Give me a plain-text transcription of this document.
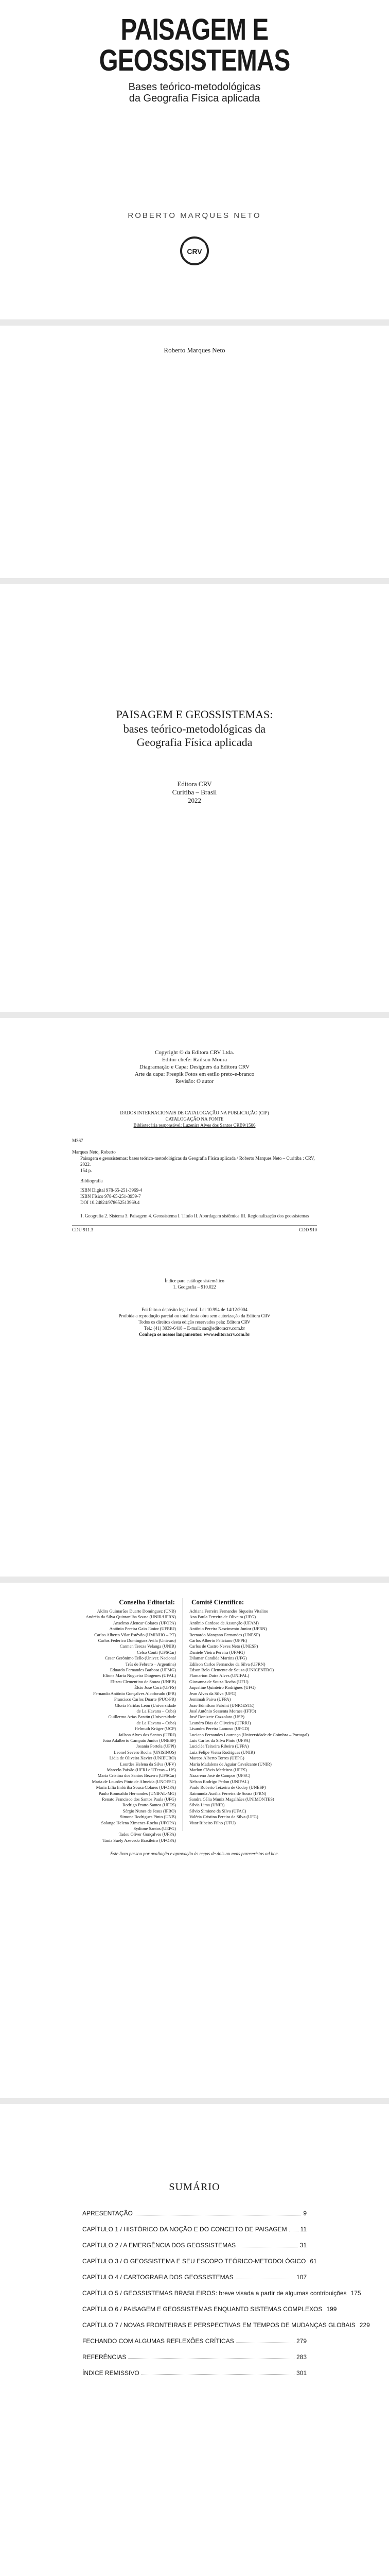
PAISAGEM E
GEOSSISTEMAS
Bases teórico-metodológicas
da Geografia Física aplicada
ROBERTO MARQUES NETO
CRV
Roberto Marques Neto
PAISAGEM E GEOSSISTEMAS:
bases teórico-metodológicas da
Geografia Física aplicada
Editora CRV
Curitiba – Brasil
2022
Copyright © da Editora CRV Ltda.
Editor-chefe: Railson Moura
Diagramação e Capa: Designers da Editora CRV
Arte da capa: Freepik Fotos em estilo preto-e-branco
Revisão: O autor
DADOS INTERNACIONAIS DE CATALOGAÇÃO NA PUBLICAÇÃO (CIP)
CATALOGAÇÃO NA FONTE
Bibliotecária responsável: Luzenira Alves dos Santos CRB9/1506
M367
Marques Neto, Roberto
Paisagem e geossistemas: bases teórico-metodológicas da Geografia Física aplicada / Roberto Marques Neto – Curitiba : CRV, 2022.
154 p.
Bibliografia
ISBN Digital 978-65-251-3969-4
ISBN Físico 978-65-251-3959-7
DOI 10.24824/978652513969.4
1. Geografia 2. Sistema 3. Paisagem 4. Geossistema I. Título II. Abordagem sistêmica III. Regionalização dos geossistemas
CDU 911.3	CDD 910
Índice para catálogo sistemático
1. Geografia – 910.022
Foi feito o depósito legal conf. Lei 10.994 de 14/12/2004
Proibida a reprodução parcial ou total desta obra sem autorização da Editora CRV
Todos os direitos desta edição reservados pela: Editora CRV
Tel.: (41) 3039-6418 – E-mail: sac@editoracrv.com.br
Conheça os nossos lançamentos: www.editoracrv.com.br
Conselho Editorial: Comitê Científico:
Aldira Guimarães Duarte Domínguez (UNB)
Andréia da Silva Quintanilha Sousa (UNIR/UFRN)
Anselmo Alencar Colares (UFOPA)
Antônio Pereira Gaio Júnior (UFRRJ)
Carlos Alberto Vilar Estêvão (UMINHO – PT)
Carlos Federico Dominguez Avila (Unieuro)
Carmen Tereza Velanga (UNIR)
Celso Conti (UFSCar)
Cesar Gerónimo Tello (Univer. Nacional
Três de Febrero – Argentina)
Eduardo Fernandes Barbosa (UFMG)
Elione Maria Nogueira Diogenes (UFAL)
Elizeu Clementino de Souza (UNEB)
Élsio José Corá (UFFS)
Fernando Antônio Gonçalves Alcoforado (IPB)
Francisco Carlos Duarte (PUC-PR)
Gloria Fariñas León (Universidade
de La Havana – Cuba)
Guillermo Arias Beatón (Universidade
de La Havana – Cuba)
Helmuth Krüger (UCP)
Jailson Alves dos Santos (UFRJ)
João Adalberto Campato Junior (UNESP)
Josania Portela (UFPI)
Leonel Severo Rocha (UNISINOS)
Lidia de Oliveira Xavier (UNIEURO)
Lourdes Helena da Silva (UFV)
Marcelo Paixão (UFRJ e UTexas – US)
Maria Cristina dos Santos Bezerra (UFSCar)
Maria de Lourdes Pinto de Almeida (UNOESC)
Maria Lília Imbiriba Sousa Colares (UFOPA)
Paulo Romualdo Hernandes (UNIFAL-MG)
Renato Francisco dos Santos Paula (UFG)
Rodrigo Pratte-Santos (UFES)
Sérgio Nunes de Jesus (IFRO)
Simone Rodrigues Pinto (UNB)
Solange Helena Ximenes-Rocha (UFOPA)
Sydione Santos (UEPG)
Tadeu Oliver Gonçalves (UFPA)
Tania Suely Azevedo Brasileiro (UFOPA)
Adriana Ferreira Fernandes Siqueira Vitalino
Ana Paula Ferreira de Oliveira (UFG)
Antônio Cardoso de Assunção (UFAM)
Antônio Pereira Nascimento Junior (UFRN)
Bernardo Mançano Fernandes (UNESP)
Carlos Alberto Feliciano (UFPE)
Carlos de Castro Neves Neto (UNESP)
Daniele Vieira Pereira (UFMG)
Dilamar Candida Martins (UFG)
Edilson Carlos Fernandes da Silva (UFRN)
Edson Belo Clemente de Souza (UNICENTRO)
Flamarion Dutra Alves (UNIFAL)
Giovanna de Souza Rocha (UFU)
Jaqueline Quinteiro Rodrigues (UFG)
Jean Alves da Silva (UFG)
Jemimah Paiva (UFPA)
João Edmilson Fabrini (UNIOESTE)
José Antônio Sessenta Moraes (IFTO)
José Donizete Cazzolato (USP)
Leandro Dias de Oliveira (UFRRJ)
Lisandra Pereira Lamoso (UFGD)
Luciano Fernandes Lourenço (Universidade de Coimbra – Portugal)
Luis Carlos da Silva Pinto (UFPA)
Lucicléa Teixeira Ribeiro (UFPA)
Luiz Felipe Vieira Rodrigues (UNIR)
Marcos Alberto Torres (UEPG)
Maria Madalena de Aguiar Cavalcante (UNIR)
Marlon Clóvis Medeiros (UFFS)
Nazareno José de Campos (UFSC)
Nelson Rodrigo Pedon (UNIFAL)
Paulo Roberto Teixeira de Godoy (UNESP)
Raimunda Aurilia Ferreira de Sousa (IFRN)
Sandra Célia Muniz Magalhães (UNIMONTES)
Silvia Lima (UNIR)
Silvio Simione da Silva (UFAC)
Valéria Cristina Pereira da Silva (UFG)
Vitor Ribeiro Filho (UFU)
Este livro passou por avaliação e aprovação às cegas de dois ou mais pareceristas ad hoc.
SUMÁRIO
APRESENTAÇÃO	9
CAPÍTULO 1 / HISTÓRICO DA NOÇÃO E DO CONCEITO DE PAISAGEM 11
CAPÍTULO 2 / A EMERGÊNCIA DOS GEOSSISTEMAS	31
CAPÍTULO 3 / O GEOSSISTEMA E SEU ESCOPO TEÓRICO-METODOLÓGICO 61
CAPÍTULO 4 / CARTOGRAFIA DOS GEOSSISTEMAS	107
CAPÍTULO 5 / GEOSSISTEMAS BRASILEIROS: breve visada a partir de algumas contribuições 175
CAPÍTULO 6 / PAISAGEM E GEOSSISTEMAS ENQUANTO SISTEMAS COMPLEXOS 199
CAPÍTULO 7 / NOVAS FRONTEIRAS E PERSPECTIVAS EM TEMPOS DE MUDANÇAS GLOBAIS 229
FECHANDO COM ALGUMAS REFLEXÕES CRÍTICAS	279
REFERÊNCIAS	283
ÍNDICE REMISSIVO	301
